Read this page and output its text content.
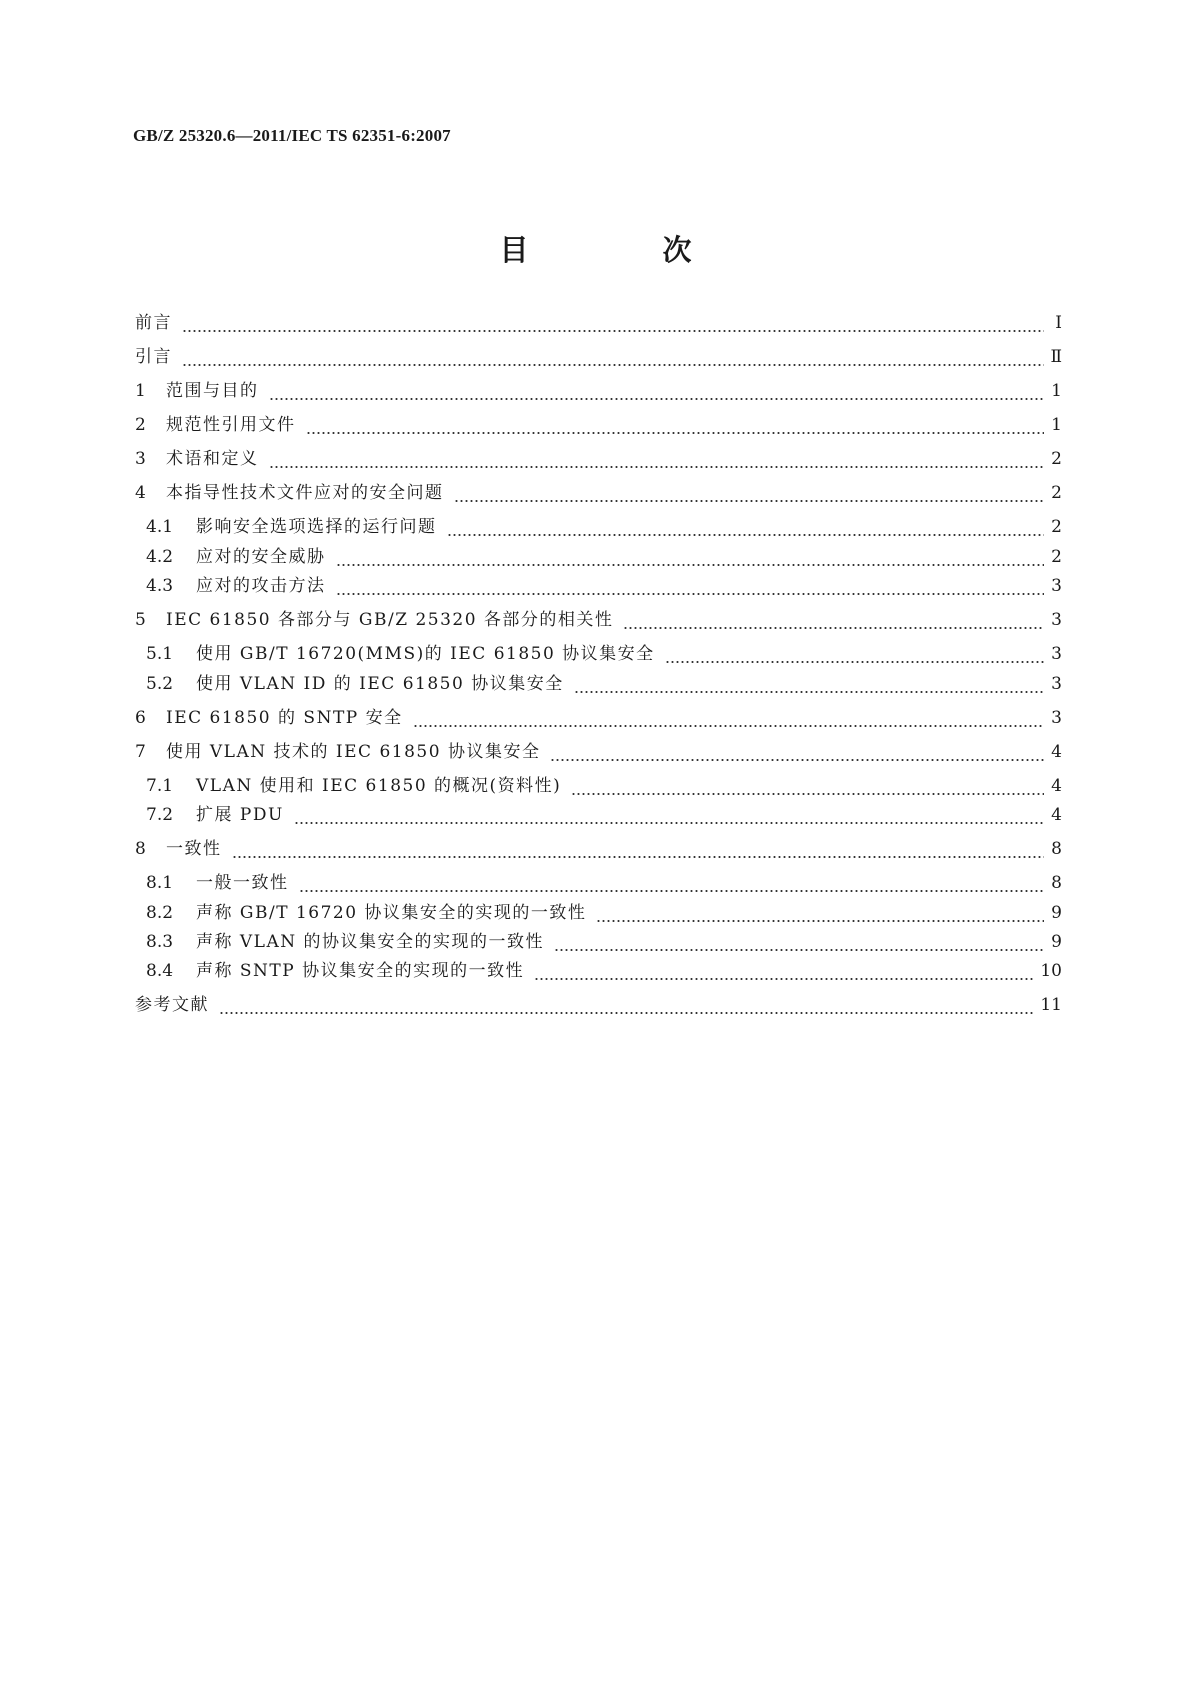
GB/Z 25320.6—2011/IEC TS 62351-6:2007
目 次
前言	Ⅰ
引言	Ⅱ
1	范围与目的	1
2	规范性引用文件	1
3	术语和定义	2
4	本指导性技术文件应对的安全问题	2
4.1	影响安全选项选择的运行问题	2
4.2	应对的安全威胁	2
4.3	应对的攻击方法	3
5	IEC 61850 各部分与 GB/Z 25320 各部分的相关性	3
5.1	使用 GB/T 16720(MMS)的 IEC 61850 协议集安全	3
5.2	使用 VLAN ID 的 IEC 61850 协议集安全	3
6	IEC 61850 的 SNTP 安全	3
7	使用 VLAN 技术的 IEC 61850 协议集安全	4
7.1	VLAN 使用和 IEC 61850 的概况(资料性)	4
7.2	扩展 PDU	4
8	一致性	8
8.1	一般一致性	8
8.2	声称 GB/T 16720 协议集安全的实现的一致性	9
8.3	声称 VLAN 的协议集安全的实现的一致性	9
8.4	声称 SNTP 协议集安全的实现的一致性	10
参考文献	11
